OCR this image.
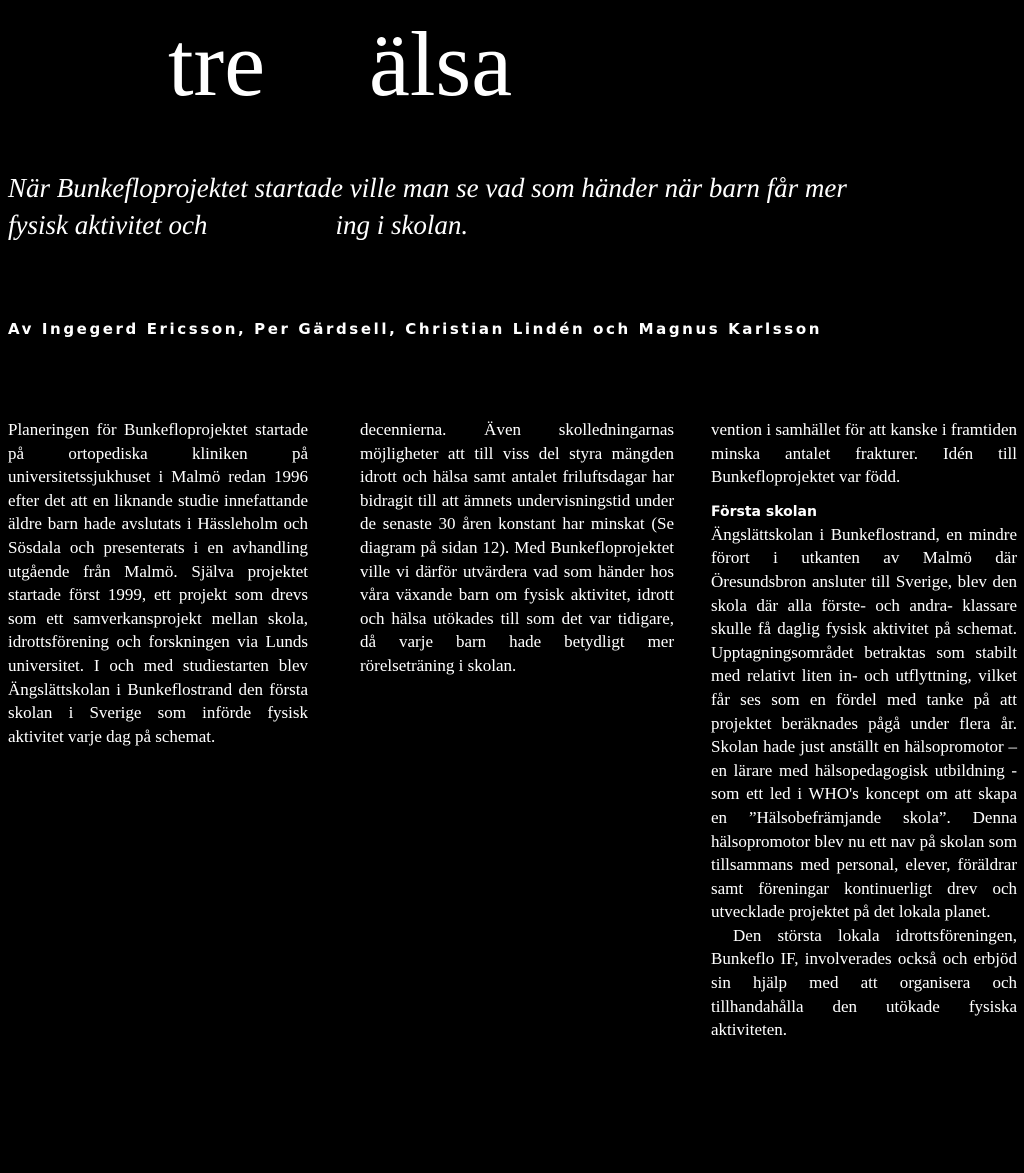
tre älsa

När Bunkefloprojektet startade ville man se vad som händer när barn får mer
fysisk aktivitet och	ing i skolan.

Av Ingegerd Ericsson, Per Gärdsell, Christian Lindén och Magnus Karlsson

Planeringen för Bunkefloprojektet startade på ortopediska kliniken på universitetssjukhuset i Malmö redan 1996 efter det att en liknande studie innefattande äldre barn hade avslutats i Hässleholm och Sösdala och presenterats i en avhandling utgående från Malmö. Själva projektet startade först 1999, ett projekt som drevs som ett samverkansprojekt mellan skola, idrottsförening och forskningen via Lunds universitet. I och med studiestarten blev Ängslättskolan i Bunkeflostrand den första skolan i Sverige som införde fysisk aktivitet varje dag på schemat.

decennierna. Även skolledningarnas möjligheter att till viss del styra mängden idrott och hälsa samt antalet friluftsdagar har bidragit till att ämnets undervisningstid under de senaste 30 åren konstant har minskat (Se diagram på sidan 12). Med Bunkefloprojektet ville vi därför utvärdera vad som händer hos våra växande barn om fysisk aktivitet, idrott och hälsa utökades till som det var tidigare, då varje barn hade betydligt mer rörelseträning i skolan.

vention i samhället för att kanske i framtiden minska antalet frakturer. Idén till Bunkefloprojektet var född.

Första skolan

Ängslättskolan i Bunkeflostrand, en mindre förort i utkanten av Malmö där Öresundsbron ansluter till Sverige, blev den skola där alla förste- och andra- klassare skulle få daglig fysisk aktivitet på schemat. Upptagningsområdet betraktas som stabilt med relativt liten in- och utflyttning, vilket får ses som en fördel med tanke på att projektet beräknades pågå under flera år. Skolan hade just anställt en hälsopromotor – en lärare med hälsopedagogisk utbildning - som ett led i WHO's koncept om att skapa en ”Hälsobefrämjande skola”. Denna hälsopromotor blev nu ett nav på skolan som tillsammans med personal, elever, föräldrar samt föreningar kontinuerligt drev och utvecklade projektet på det lokala planet.

Den största lokala idrottsföreningen, Bunkeflo IF, involverades också och erbjöd sin hjälp med att organisera och tillhandahålla den utökade fysiska aktiviteten.
